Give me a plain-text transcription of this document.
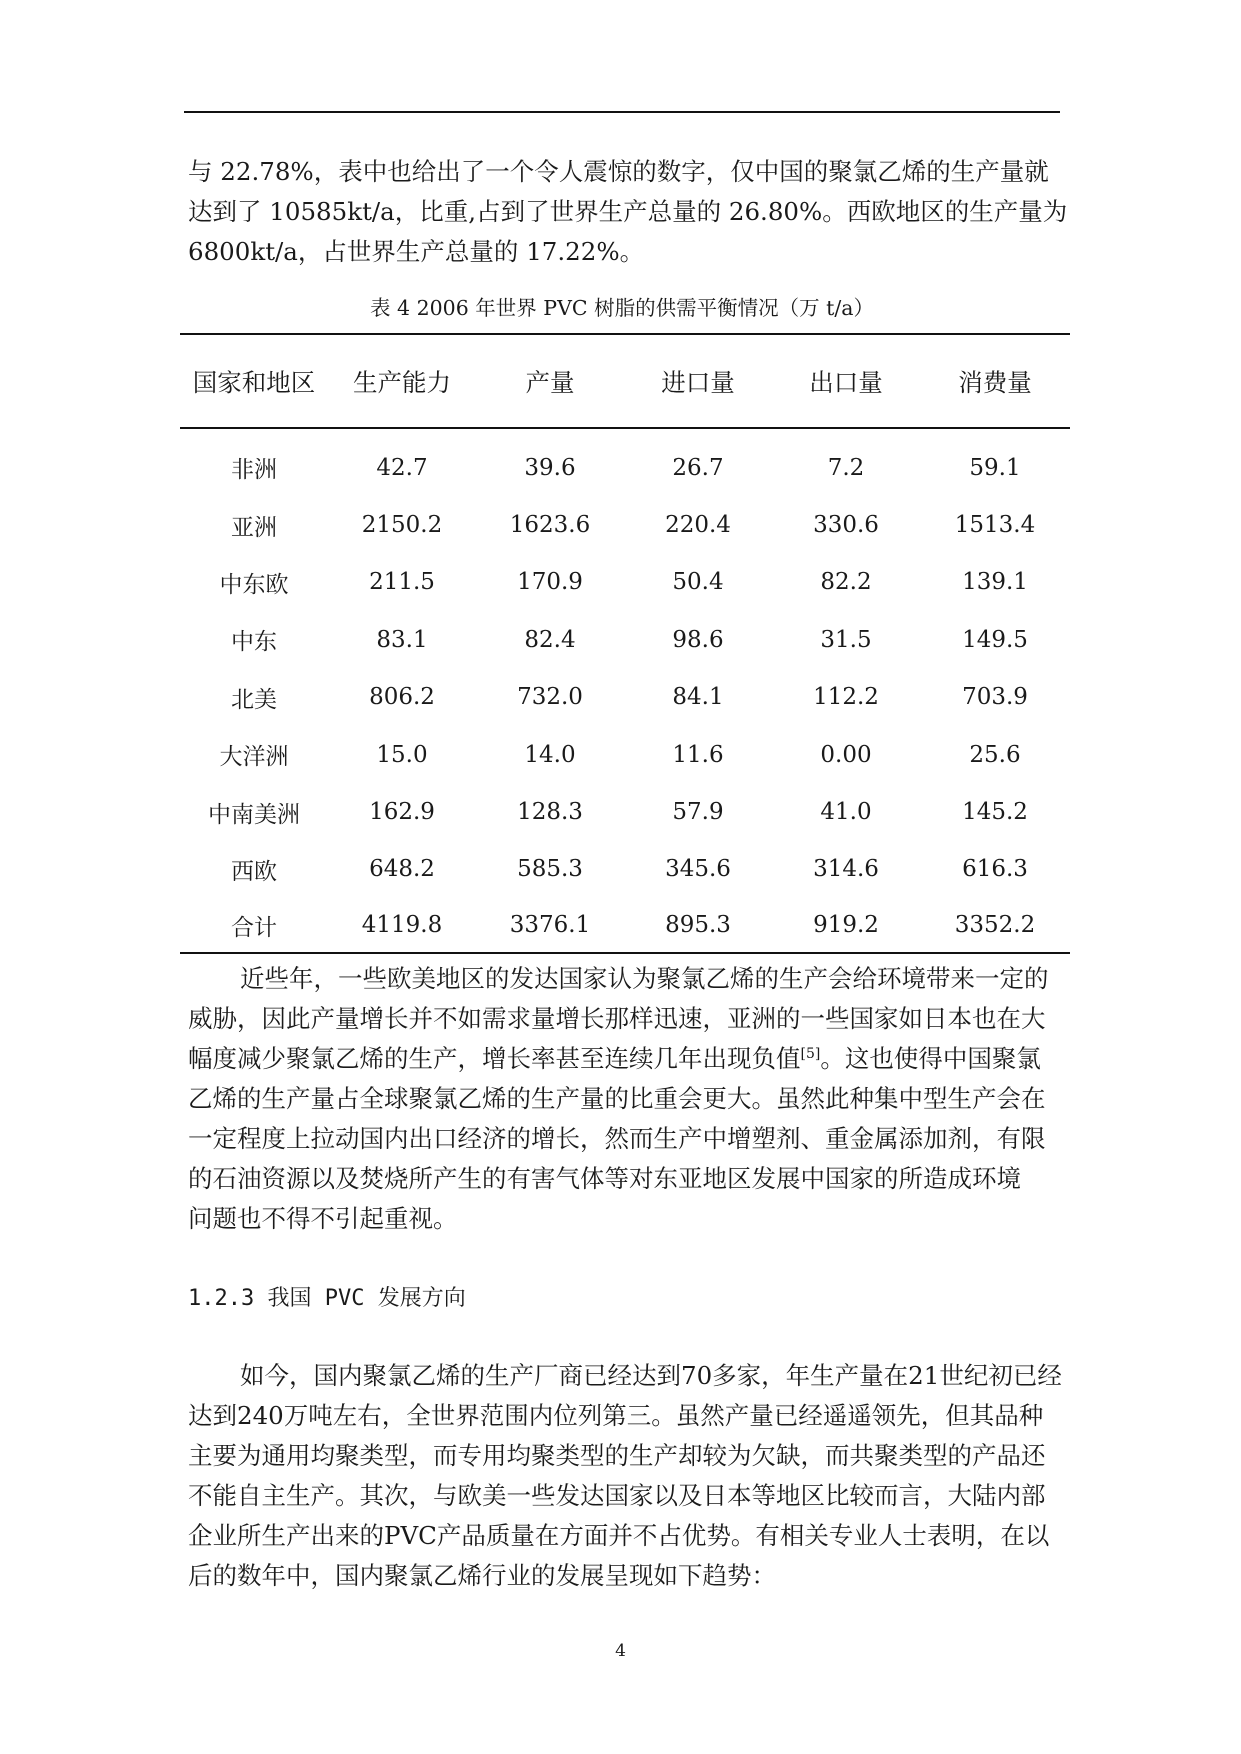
与 22.78%，表中也给出了一个令人震惊的数字，仅中国的聚氯乙烯的生产量就
达到了 10585kt/a，比重,占到了世界生产总量的 26.80%。西欧地区的生产量为
6800kt/a，占世界生产总量的 17.22%。
表 4 2006 年世界 PVC 树脂的供需平衡情况（万 t/a）
国家和地区	生产能力	产量	进口量	出口量	消费量
非洲	42.7	39.6	26.7	7.2	59.1
亚洲	2150.2	1623.6	220.4	330.6	1513.4
中东欧	211.5	170.9	50.4	82.2	139.1
中东	83.1	82.4	98.6	31.5	149.5
北美	806.2	732.0	84.1	112.2	703.9
大洋洲	15.0	14.0	11.6	0.00	25.6
中南美洲	162.9	128.3	57.9	41.0	145.2
西欧	648.2	585.3	345.6	314.6	616.3
合计	4119.8	3376.1	895.3	919.2	3352.2
近些年，一些欧美地区的发达国家认为聚氯乙烯的生产会给环境带来一定的
威胁，因此产量增长并不如需求量增长那样迅速，亚洲的一些国家如日本也在大
幅度减少聚氯乙烯的生产，增长率甚至连续几年出现负值[5]。这也使得中国聚氯
乙烯的生产量占全球聚氯乙烯的生产量的比重会更大。虽然此种集中型生产会在
一定程度上拉动国内出口经济的增长，然而生产中增塑剂、重金属添加剂，有限
的石油资源以及焚烧所产生的有害气体等对东亚地区发展中国家的所造成环境
问题也不得不引起重视。
1.2.3 我国 PVC 发展方向
如今，国内聚氯乙烯的生产厂商已经达到70多家，年生产量在21世纪初已经
达到240万吨左右，全世界范围内位列第三。虽然产量已经遥遥领先，但其品种
主要为通用均聚类型，而专用均聚类型的生产却较为欠缺，而共聚类型的产品还
不能自主生产。其次，与欧美一些发达国家以及日本等地区比较而言，大陆内部
企业所生产出来的PVC产品质量在方面并不占优势。有相关专业人士表明，在以
后的数年中，国内聚氯乙烯行业的发展呈现如下趋势：
4
